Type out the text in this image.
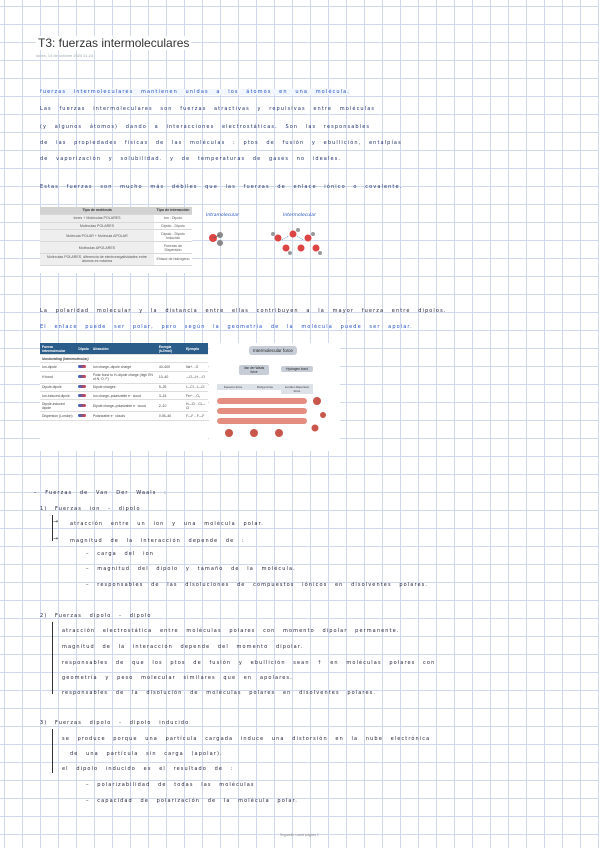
T3: fuerzas intermoleculares
lunes, 14 de octubre 2024 11:24
fuerzas intermoleculares mantienen unidas a los átomos en una molécula.
Las fuerzas intermoleculares son fuerzas atractivas y repulsivas entre moléculas
(y algunos átomos) dando a interacciones electrostáticas. Son las responsables
de las propiedades físicas de las moléculas : ptos de fusión y ebullición, entalpías
de vaporización y solubilidad. y de temperaturas de gases no ideales.
Estas fuerzas son mucho más débiles que las fuerzas de enlace iónico o covalente.
Tipo de molécula	Tipo de interacción
Iones + Moléculas POLARES	Ion - Dipolo
Moléculas POLARES	Dipolo - Dipolo
Molécula POLAR + Molécula APOLAR	Dipolo - Dipolo Inducido
Moléculas APOLARES	Fuerzas de Dispersión
Moléculas POLARES, diferencia de electronegatividades entre átomos es máxima	Enlace de hidrógeno
Intramolecular	Intermolecular
La polaridad molecular y la distancia entre ellas contribuyen a la mayor fuerza entre dipolos.
El enlace puede ser polar, pero según la geometría de la molécula puede ser apolar.
Fuerza intermolecular	Dipolo	Atracción	Energía (kJ/mol)	Ejemplo
Nonbonding (Intermolecular)				
Ion-dipole		Ion charge–dipole charge	40–600	Na+…O
H bond		Polar bond to H–dipole charge (high EN of N, O, F)	10–40	—O—H…:O
Dipole-dipole		Dipole charges	5–25	I—Cl…I—Cl
Ion-induced dipole		Ion charge–polarizable e⁻ cloud	3–15	Fe²⁺…O₂
Dipole-induced dipole		Dipole charge–polarizable e⁻ cloud	2–10	H—Cl…Cl—Cl
Dispersion (London)		Polarizable e⁻ clouds	0.05–40	F—F…F—F
Intermolecular force
Van der Waals force
Hydrogen bond
Keesom force	Debye force	London dispersion force
– Fuerzas de Van Der Waals :
1) Fuerzas ion - dipolo
→ atracción entre un ion y una molécula polar.
→ magnitud de la interacción depende de :
– carga del ion
– magnitud del dipolo y tamaño de la molécula.
– responsables de las disoluciones de compuestos iónicos en disolventes polares.
2) Fuerzas dipolo - dipolo
atracción electrostática entre moléculas polares con momento dipolar permanente.
magnitud de la interacción depende del momento dipolar.
responsables de que los ptos de fusión y ebullición sean ↑ en moléculas polares con
geometría y peso molecular similares que en apolares.
responsables de la disolución de moléculas polares en disolventes polares.
3) Fuerzas dipolo - dipolo inducido
se produce porque una partícula cargada induce una distorsión en la nube electrónica
de una partícula sin carga (apolar).
el dipolo inducido es el resultado de :
– polarizabilidad de todas las moléculas
– capacidad de polarización de la molécula polar.
Segundo cuatri página 1
